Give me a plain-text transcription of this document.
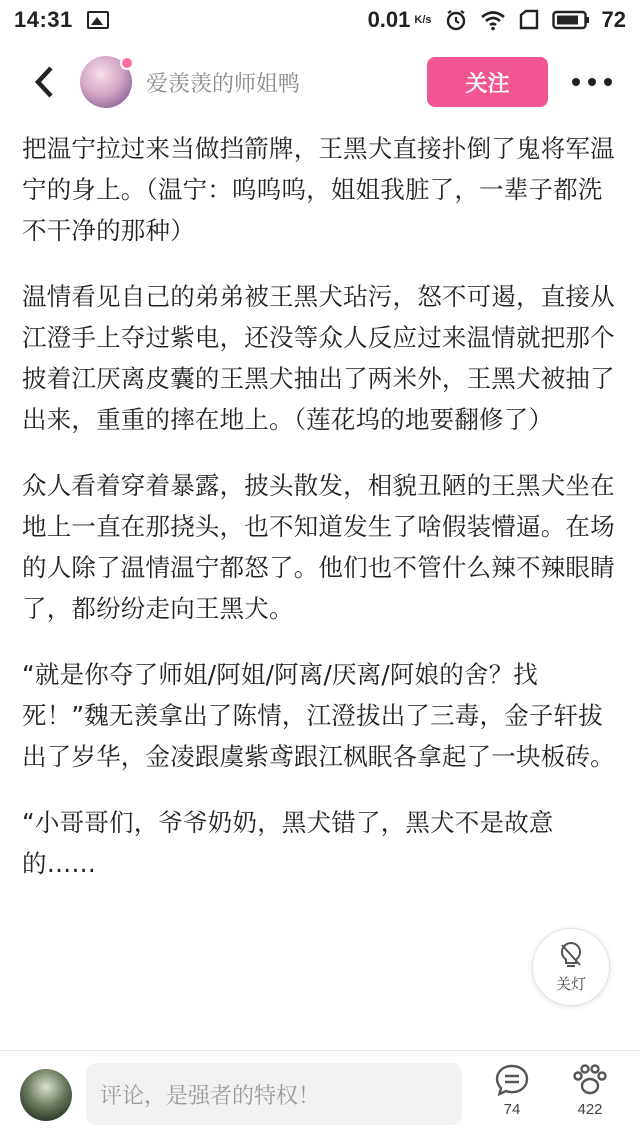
14:31	0.01 K/s	72
爱羡羡的师姐鸭	关注

把温宁拉过来当做挡箭牌，王黑犬直接扑倒了鬼将军温宁的身上。（温宁：呜呜呜，姐姐我脏了，一辈子都洗不干净的那种）

温情看见自己的弟弟被王黑犬玷污，怒不可遏，直接从江澄手上夺过紫电，还没等众人反应过来温情就把那个披着江厌离皮囊的王黑犬抽出了两米外，王黑犬被抽了出来，重重的摔在地上。（莲花坞的地要翻修了）

众人看着穿着暴露，披头散发，相貌丑陋的王黑犬坐在地上一直在那挠头，也不知道发生了啥假装懵逼。在场的人除了温情温宁都怒了。他们也不管什么辣不辣眼睛了，都纷纷走向王黑犬。

“就是你夺了师姐/阿姐/阿离/厌离/阿娘的舍？找死！”魏无羡拿出了陈情，江澄拔出了三毒，金子轩拔出了岁华，金凌跟虞紫鸢跟江枫眠各拿起了一块板砖。

“小哥哥们，爷爷奶奶，黑犬错了，黑犬不是故意的……

关灯
评论，是强者的特权！
74	422
